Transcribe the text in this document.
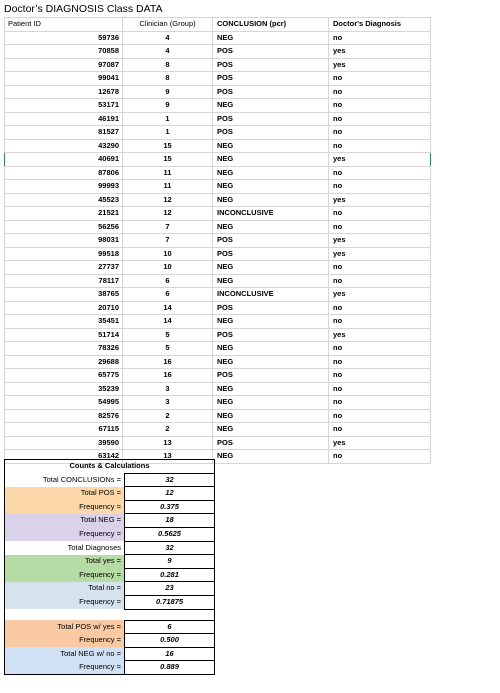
Doctor’s DIAGNOSIS Class DATA
Patient ID	Clinician (Group)	CONCLUSION (pcr)	Doctor's Diagnosis
59736	4	NEG	no
70858	4	POS	yes
97087	8	POS	yes
99041	8	POS	no
12678	9	POS	no
53171	9	NEG	no
46191	1	POS	no
81527	1	POS	no
43290	15	NEG	no
40691	15	NEG	yes
87806	11	NEG	no
99993	11	NEG	no
45523	12	NEG	yes
21521	12	INCONCLUSIVE	no
56256	7	NEG	no
98031	7	POS	yes
99518	10	POS	yes
27737	10	NEG	no
78117	6	NEG	no
38765	6	INCONCLUSIVE	yes
20710	14	POS	no
35451	14	NEG	no
51714	5	POS	yes
78326	5	NEG	no
29688	16	NEG	no
65775	16	POS	no
35239	3	NEG	no
54995	3	NEG	no
82576	2	NEG	no
67115	2	NEG	no
39590	13	POS	yes
63142	13	NEG	no
Counts & Calculations	
Total CONCLUSIONs =	32
Total POS =	12
Frequency =	0.375
Total NEG =	18
Frequency =	0.5625
Total Diagnoses	32
Total yes =	9
Frequency =	0.281
Total no =	23
Frequency =	0.71875

Total POS w/ yes =	6
Frequency =	0.500
Total NEG w/ no =	16
Frequency =	0.889
